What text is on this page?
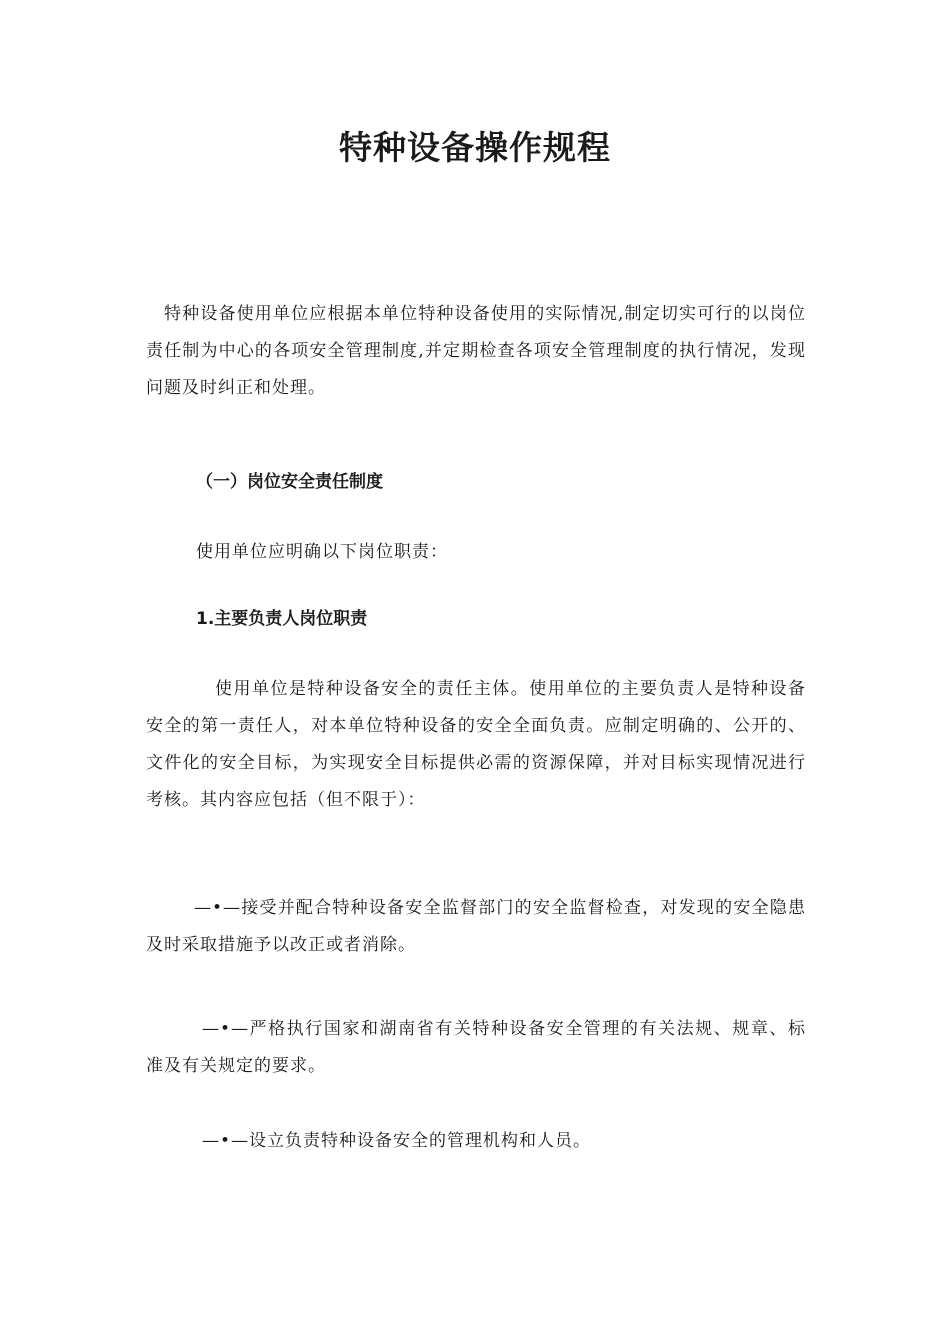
特种设备操作规程
特种设备使用单位应根据本单位特种设备使用的实际情况,制定切实可行的以岗位责任制为中心的各项安全管理制度,并定期检查各项安全管理制度的执行情况，发现问题及时纠正和处理。
（一）岗位安全责任制度
使用单位应明确以下岗位职责：
1.主要负责人岗位职责
使用单位是特种设备安全的责任主体。使用单位的主要负责人是特种设备安全的第一责任人，对本单位特种设备的安全全面负责。应制定明确的、公开的、文件化的安全目标，为实现安全目标提供必需的资源保障，并对目标实现情况进行考核。其内容应包括（但不限于）：
—•—接受并配合特种设备安全监督部门的安全监督检查，对发现的安全隐患及时采取措施予以改正或者消除。
—•—严格执行国家和湖南省有关特种设备安全管理的有关法规、规章、标准及有关规定的要求。
—•—设立负责特种设备安全的管理机构和人员。
